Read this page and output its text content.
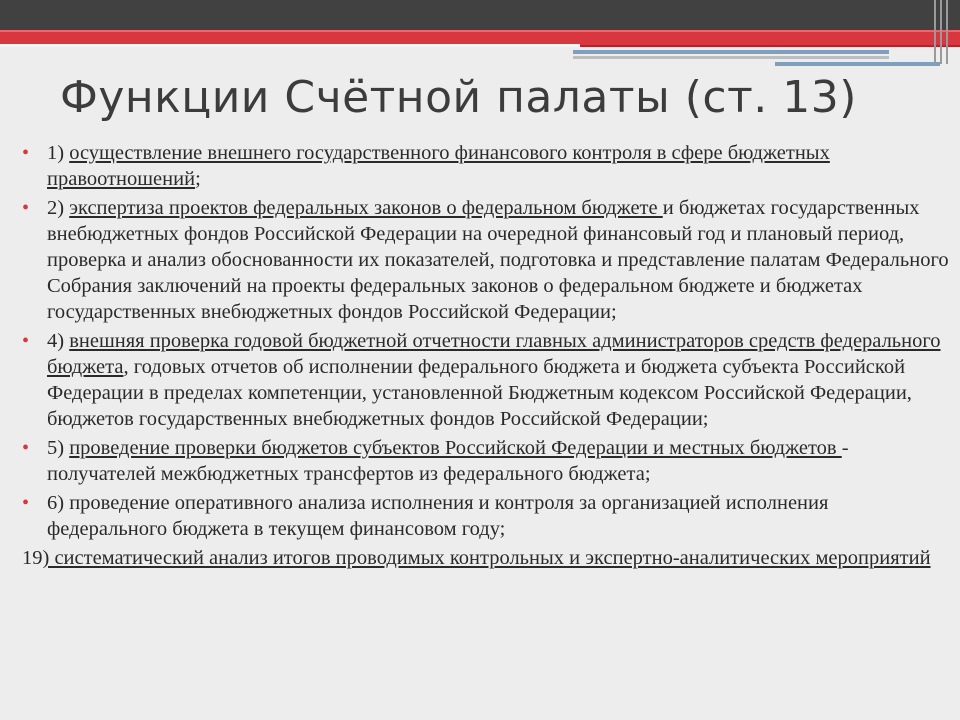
Функции Счётной палаты (ст. 13)
• 1) осуществление внешнего государственного финансового контроля в сфере бюджетных правоотношений;
• 2) экспертиза проектов федеральных законов о федеральном бюджете и бюджетах государственных внебюджетных фондов Российской Федерации на очередной финансовый год и плановый период, проверка и анализ обоснованности их показателей, подготовка и представление палатам Федерального Собрания заключений на проекты федеральных законов о федеральном бюджете и бюджетах государственных внебюджетных фондов Российской Федерации;
• 4) внешняя проверка годовой бюджетной отчетности главных администраторов средств федерального бюджета, годовых отчетов об исполнении федерального бюджета и бюджета субъекта Российской Федерации в пределах компетенции, установленной Бюджетным кодексом Российской Федерации, бюджетов государственных внебюджетных фондов Российской Федерации;
• 5) проведение проверки бюджетов субъектов Российской Федерации и местных бюджетов - получателей межбюджетных трансфертов из федерального бюджета;
• 6) проведение оперативного анализа исполнения и контроля за организацией исполнения федерального бюджета в текущем финансовом году;
19) систематический анализ итогов проводимых контрольных и экспертно-аналитических мероприятий
